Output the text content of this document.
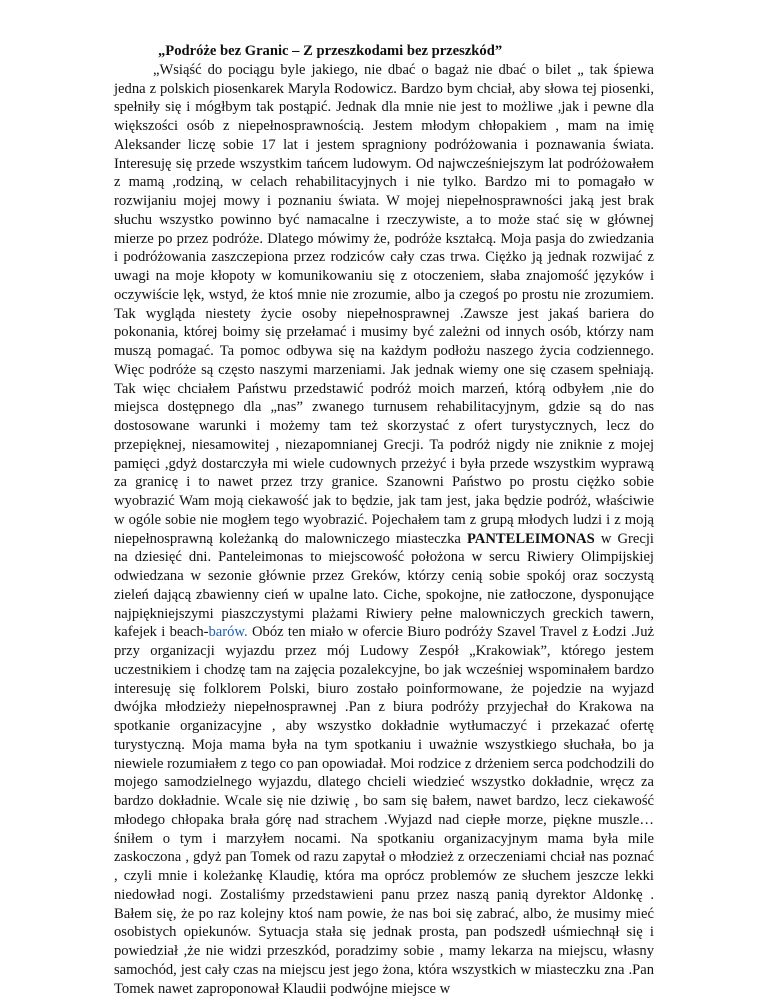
„Podróże bez Granic – Z przeszkodami bez przeszkód”

„Wsiąść do pociągu byle jakiego, nie dbać o bagaż nie dbać o bilet „ tak śpiewa jedna z polskich piosenkarek Maryla Rodowicz. Bardzo bym chciał, aby słowa tej piosenki, spełniły się i mógłbym tak postąpić. Jednak dla mnie nie jest to możliwe ,jak i pewne dla większości osób z niepełnosprawnością. Jestem młodym chłopakiem , mam na imię Aleksander liczę sobie 17 lat i jestem spragniony podróżowania i poznawania świata. Interesuję się przede wszystkim tańcem ludowym. Od najwcześniejszym lat podróżowałem z mamą ,rodziną, w celach rehabilitacyjnych i nie tylko. Bardzo mi to pomagało w rozwijaniu mojej mowy i poznaniu świata. W mojej niepełnosprawności jaką jest brak słuchu wszystko powinno być namacalne i rzeczywiste, a to może stać się w głównej mierze po przez podróże. Dlatego mówimy że, podróże kształcą. Moja pasja do zwiedzania i podróżowania zaszczepiona przez rodziców cały czas trwa. Ciężko ją jednak rozwijać z uwagi na moje kłopoty w komunikowaniu się z otoczeniem, słaba znajomość języków i oczywiście lęk, wstyd, że ktoś mnie nie zrozumie, albo ja czegoś po prostu nie zrozumiem. Tak wygląda niestety życie osoby niepełnosprawnej .Zawsze jest jakaś bariera do pokonania, której boimy się przełamać i musimy być zależni od innych osób, którzy nam muszą pomagać. Ta pomoc odbywa się na każdym podłożu naszego życia codziennego. Więc podróże są często naszymi marzeniami. Jak jednak wiemy one się czasem spełniają. Tak więc chciałem Państwu przedstawić podróż moich marzeń, którą odbyłem ,nie do miejsca dostępnego dla „nas” zwanego turnusem rehabilitacyjnym, gdzie są do nas dostosowane warunki i możemy tam też skorzystać z ofert turystycznych, lecz do przepięknej, niesamowitej , niezapomnianej Grecji. Ta podróż nigdy nie zniknie z mojej pamięci ,gdyż dostarczyła mi wiele cudownych przeżyć i była przede wszystkim wyprawą za granicę i to nawet przez trzy granice. Szanowni Państwo po prostu ciężko sobie wyobrazić Wam moją ciekawość jak to będzie, jak tam jest, jaka będzie podróż, właściwie w ogóle sobie nie mogłem tego wyobrazić. Pojechałem tam z grupą młodych ludzi i z moją niepełnosprawną koleżanką do malowniczego miasteczka PANTELEIMONAS w Grecji na dziesięć dni. Panteleimonas to miejscowość położona w sercu Riwiery Olimpijskiej odwiedzana w sezonie głównie przez Greków, którzy cenią sobie spokój oraz soczystą zieleń dającą zbawienny cień w upalne lato. Ciche, spokojne, nie zatłoczone, dysponujące najpiękniejszymi piaszczystymi plażami Riwiery pełne malowniczych greckich tawern, kafejek i beach-barów. Obóz ten miało w ofercie Biuro podróży Szavel Travel z Łodzi .Już przy organizacji wyjazdu przez mój Ludowy Zespół „Krakowiak”, którego jestem uczestnikiem i chodzę tam na zajęcia pozalekcyjne, bo jak wcześniej wspominałem bardzo interesuję się folklorem Polski, biuro zostało poinformowane, że pojedzie na wyjazd dwójka młodzieży niepełnosprawnej .Pan z biura podróży przyjechał do Krakowa na spotkanie organizacyjne , aby wszystko dokładnie wytłumaczyć i przekazać ofertę turystyczną. Moja mama była na tym spotkaniu i uważnie wszystkiego słuchała, bo ja niewiele rozumiałem z tego co pan opowiadał. Moi rodzice z drżeniem serca podchodzili do mojego samodzielnego wyjazdu, dlatego chcieli wiedzieć wszystko dokładnie, wręcz za bardzo dokładnie. Wcale się nie dziwię , bo sam się bałem, nawet bardzo, lecz ciekawość młodego chłopaka brała górę nad strachem .Wyjazd nad ciepłe morze, piękne muszle… śniłem o tym i marzyłem nocami. Na spotkaniu organizacyjnym mama była mile zaskoczona , gdyż pan Tomek od razu zapytał o młodzież z orzeczeniami chciał nas poznać , czyli mnie i koleżankę Klaudię, która ma oprócz problemów ze słuchem jeszcze lekki niedowład nogi. Zostaliśmy przedstawieni panu przez naszą panią dyrektor Aldonkę . Bałem się, że po raz kolejny ktoś nam powie, że nas boi się zabrać, albo, że musimy mieć osobistych opiekunów. Sytuacja stała się jednak prosta, pan podszedł uśmiechnął się i powiedział ,że nie widzi przeszkód, poradzimy sobie , mamy lekarza na miejscu, własny samochód, jest cały czas na miejscu jest jego żona, która wszystkich w miasteczku zna .Pan Tomek nawet zaproponował Klaudii podwójne miejsce w
